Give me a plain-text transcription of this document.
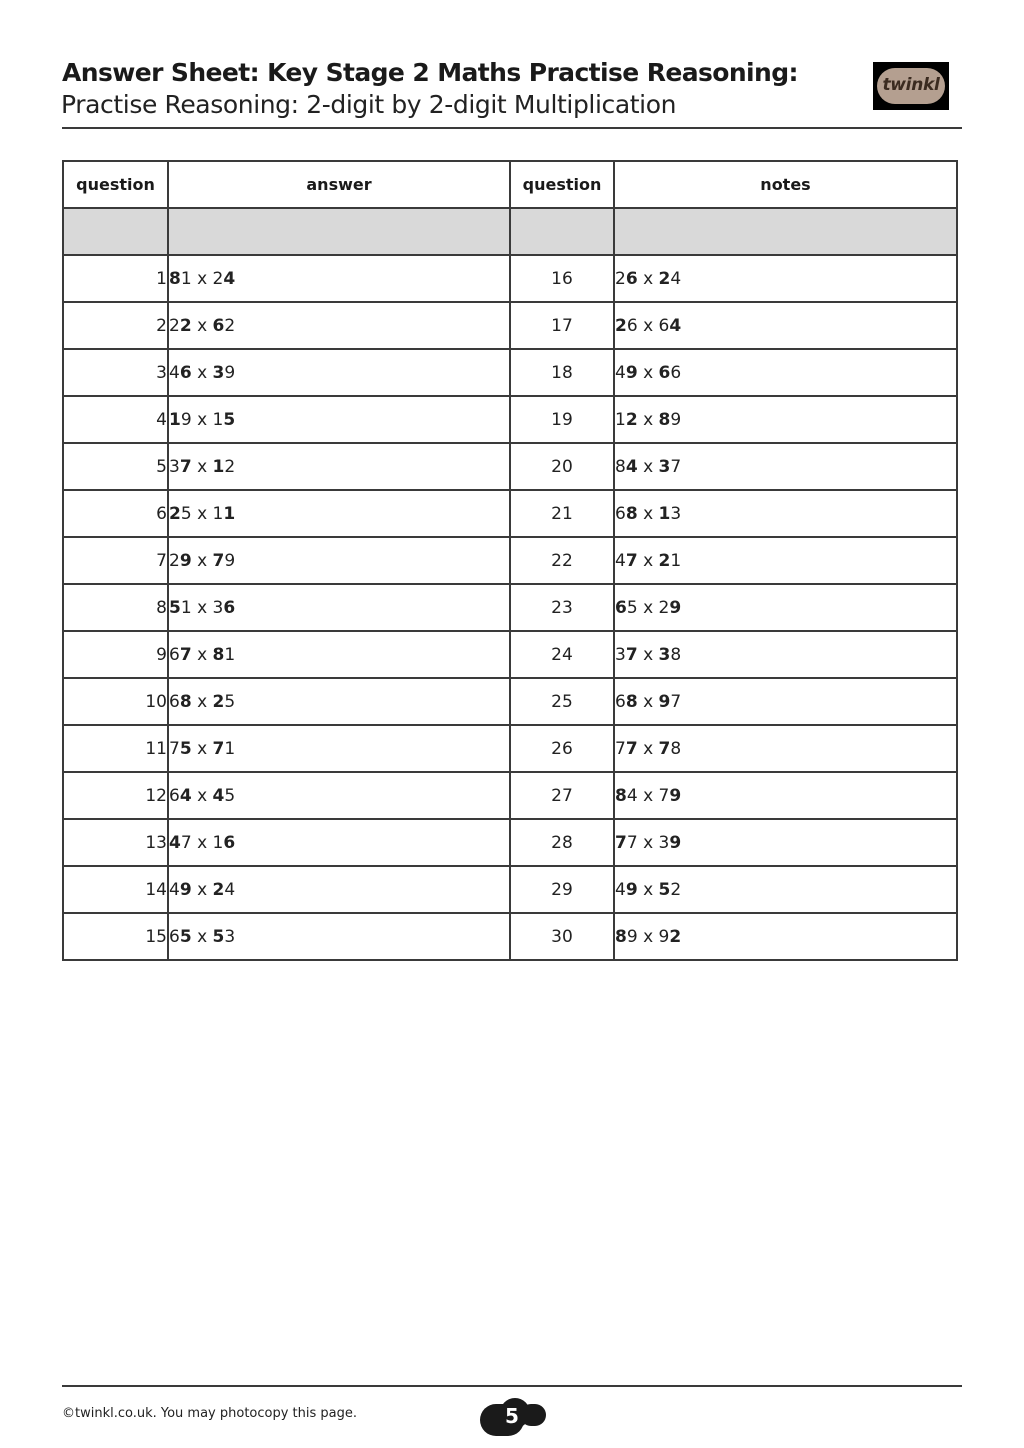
Answer Sheet: Key Stage 2 Maths Practise Reasoning:
Practise Reasoning: 2-digit by 2-digit Multiplication
twinkl
question	answer	question	notes

1	81 x 24	16	26 x 24
2	22 x 62	17	26 x 64
3	46 x 39	18	49 x 66
4	19 x 15	19	12 x 89
5	37 x 12	20	84 x 37
6	25 x 11	21	68 x 13
7	29 x 79	22	47 x 21
8	51 x 36	23	65 x 29
9	67 x 81	24	37 x 38
10	68 x 25	25	68 x 97
11	75 x 71	26	77 x 78
12	64 x 45	27	84 x 79
13	47 x 16	28	77 x 39
14	49 x 24	29	49 x 52
15	65 x 53	30	89 x 92
©twinkl.co.uk. You may photocopy this page.	5
